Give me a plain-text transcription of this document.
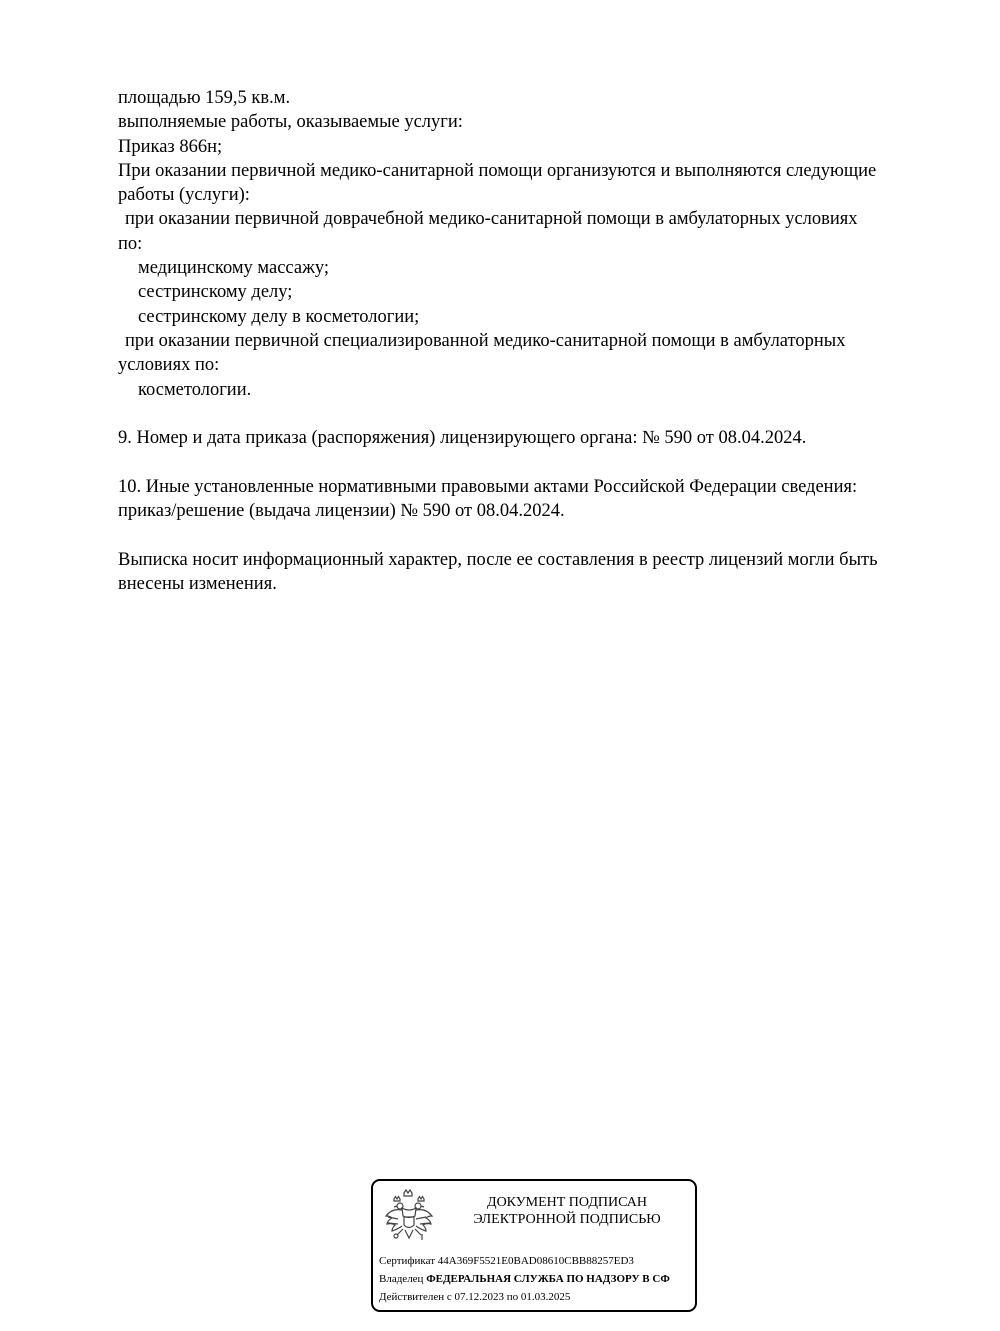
площадью 159,5 кв.м.
выполняемые работы, оказываемые услуги:
Приказ 866н;
При оказании первичной медико-санитарной помощи организуются и выполняются следующие
работы (услуги):
при оказании первичной доврачебной медико-санитарной помощи в амбулаторных условиях
по:
медицинскому массажу;
сестринскому делу;
сестринскому делу в косметологии;
при оказании первичной специализированной медико-санитарной помощи в амбулаторных
условиях по:
косметологии.
9. Номер и дата приказа (распоряжения) лицензирующего органа: № 590 от 08.04.2024.
10. Иные установленные нормативными правовыми актами Российской Федерации сведения:
приказ/решение (выдача лицензии) № 590 от 08.04.2024.
Выписка носит информационный характер, после ее составления в реестр лицензий могли быть
внесены изменения.
ДОКУМЕНТ ПОДПИСАН
ЭЛЕКТРОННОЙ ПОДПИСЬЮ
Сертификат 44A369F5521E0BAD08610CBB88257ED3
Владелец ФЕДЕРАЛЬНАЯ СЛУЖБА ПО НАДЗОРУ В СФ
Действителен с 07.12.2023 по 01.03.2025
